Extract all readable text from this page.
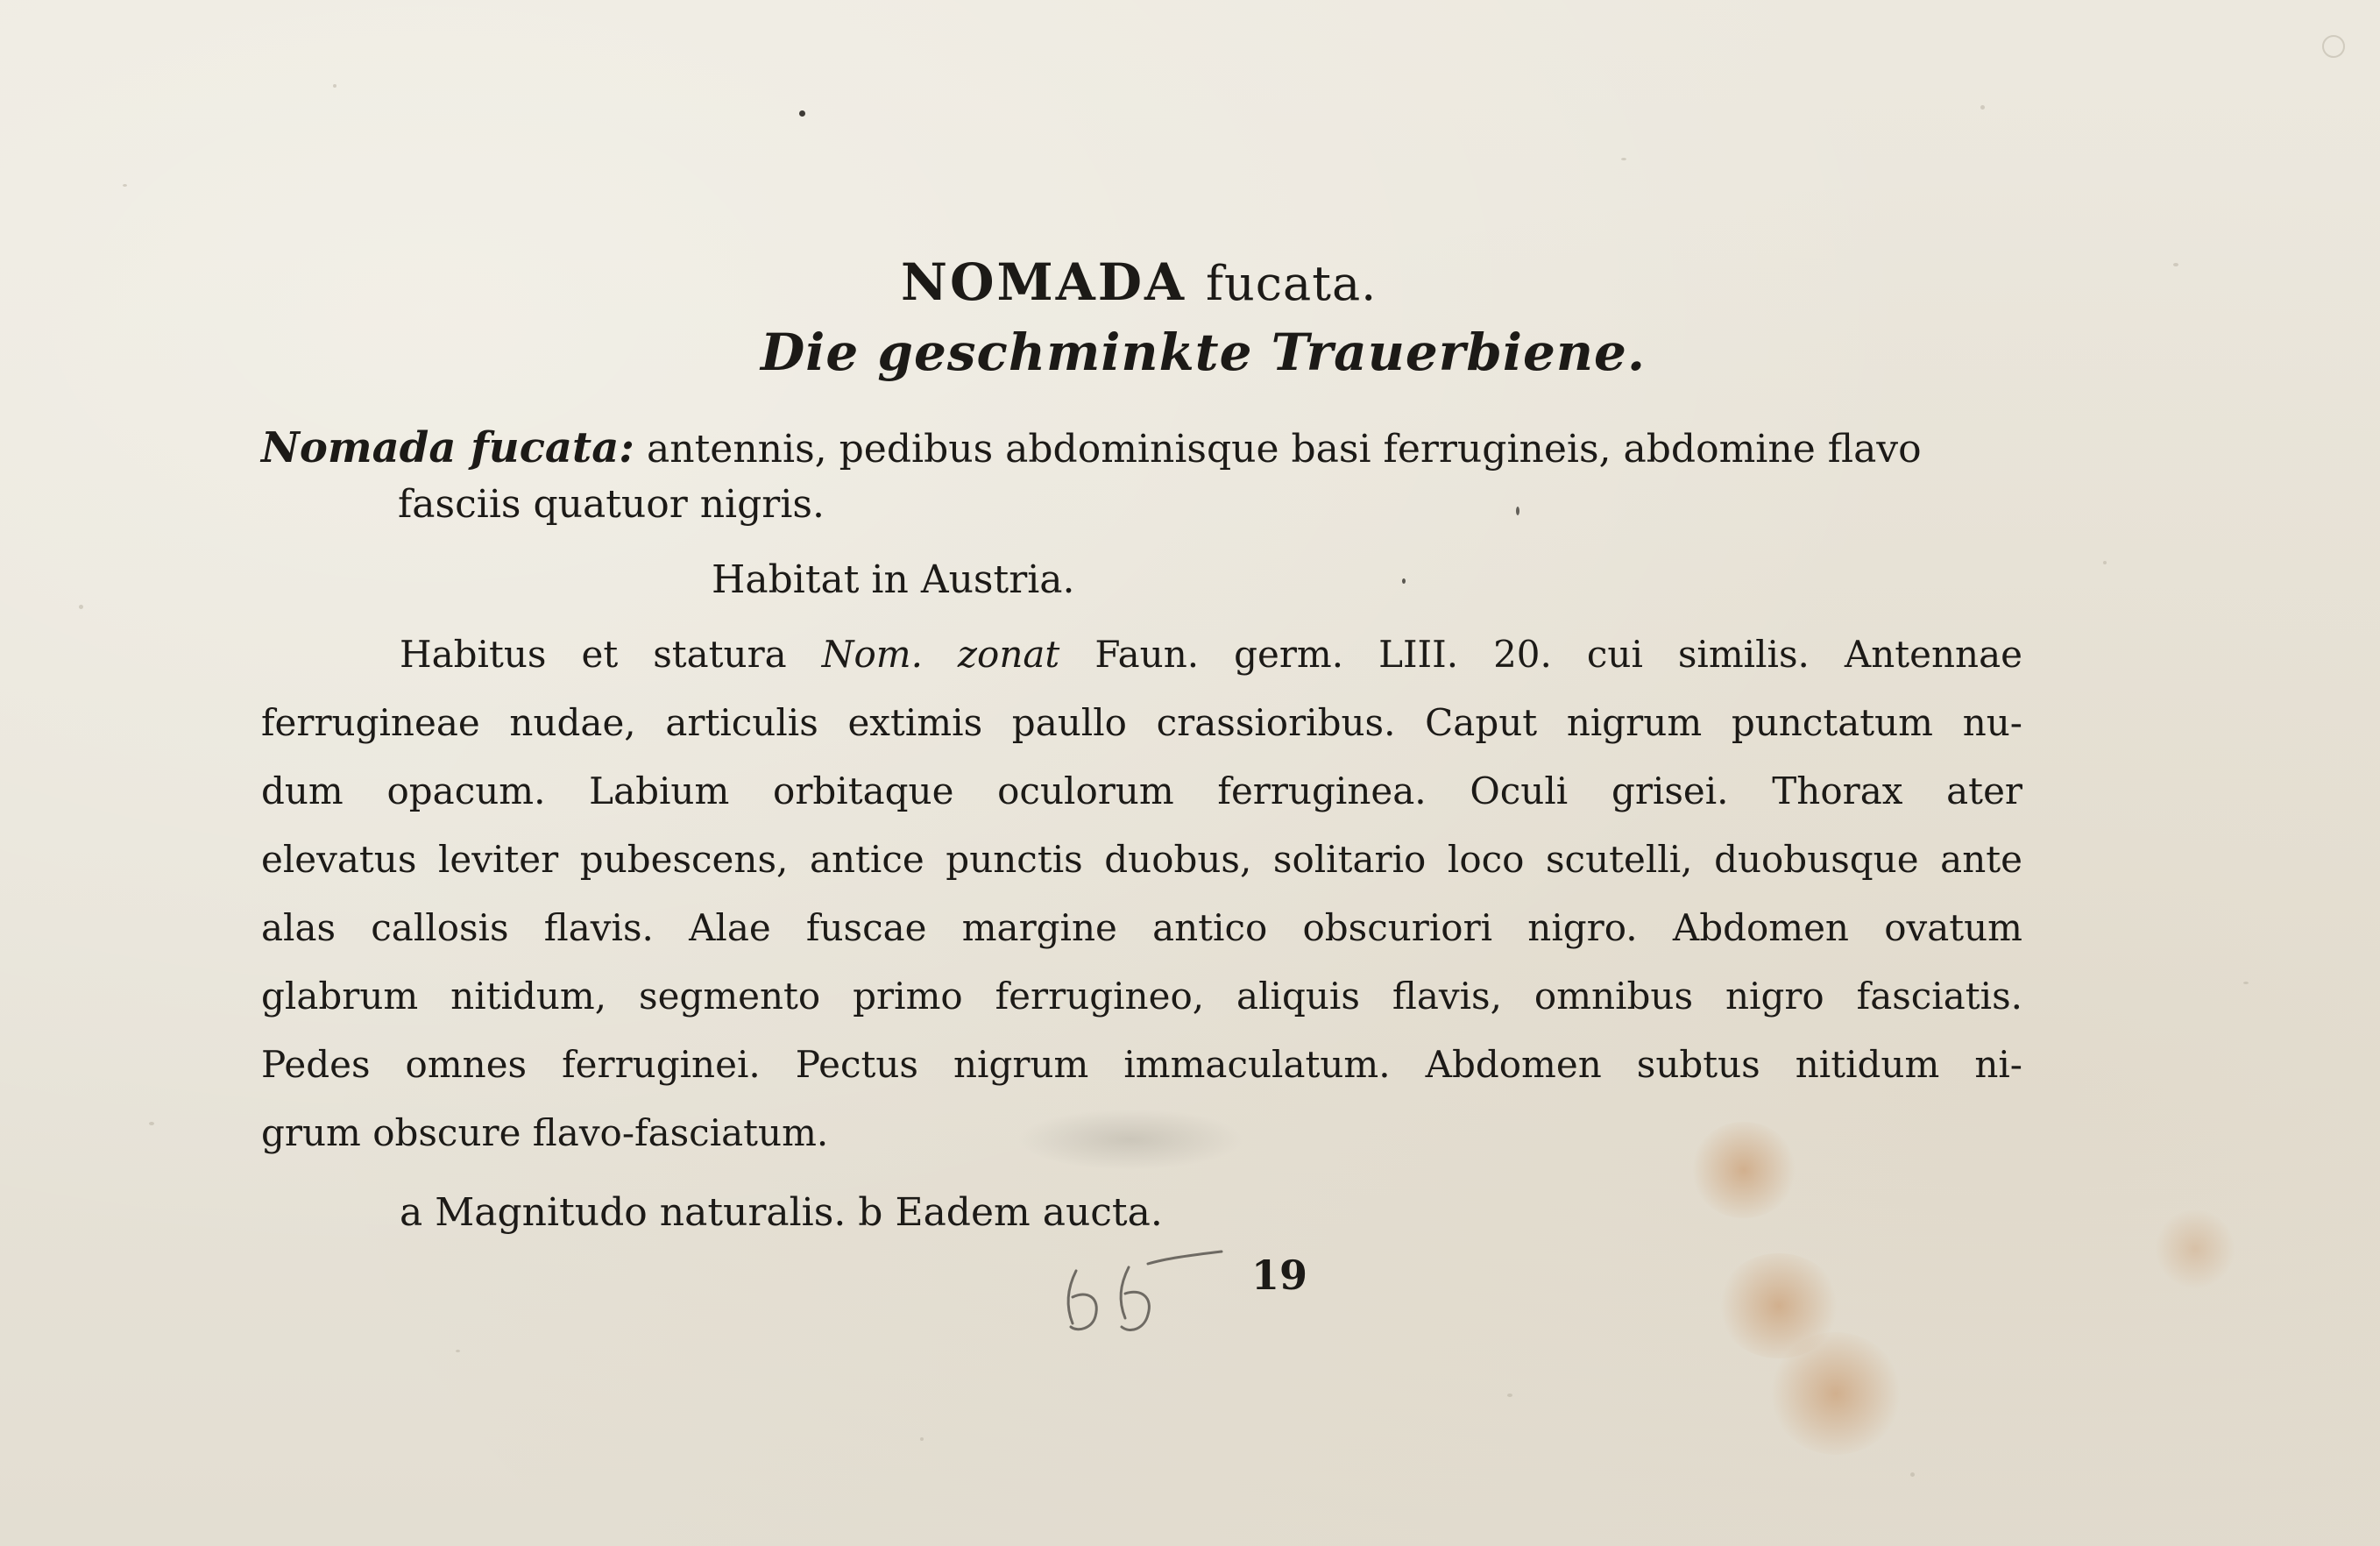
NOMADA fucata.
Die geschminkte Trauerbiene.
Nomada fucata: antennis, pedibus abdominisque basi ferrugineis, abdomine flavo
fasciis quatuor nigris.
Habitat in Austria.
Habitus et statura Nom. zonat Faun. germ. LIII. 20. cui similis. Antennae
ferrugineae nudae, articulis extimis paullo crassioribus. Caput nigrum punctatum nu-
dum opacum. Labium orbitaque oculorum ferruginea. Oculi grisei. Thorax ater
elevatus leviter pubescens, antice punctis duobus, solitario loco scutelli, duobusque ante
alas callosis flavis. Alae fuscae margine antico obscuriori nigro. Abdomen ovatum
glabrum nitidum, segmento primo ferrugineo, aliquis flavis, omnibus nigro fasciatis.
Pedes omnes ferruginei. Pectus nigrum immaculatum. Abdomen subtus nitidum ni-
grum obscure flavo-fasciatum.
a Magnitudo naturalis. b Eadem aucta.
19
